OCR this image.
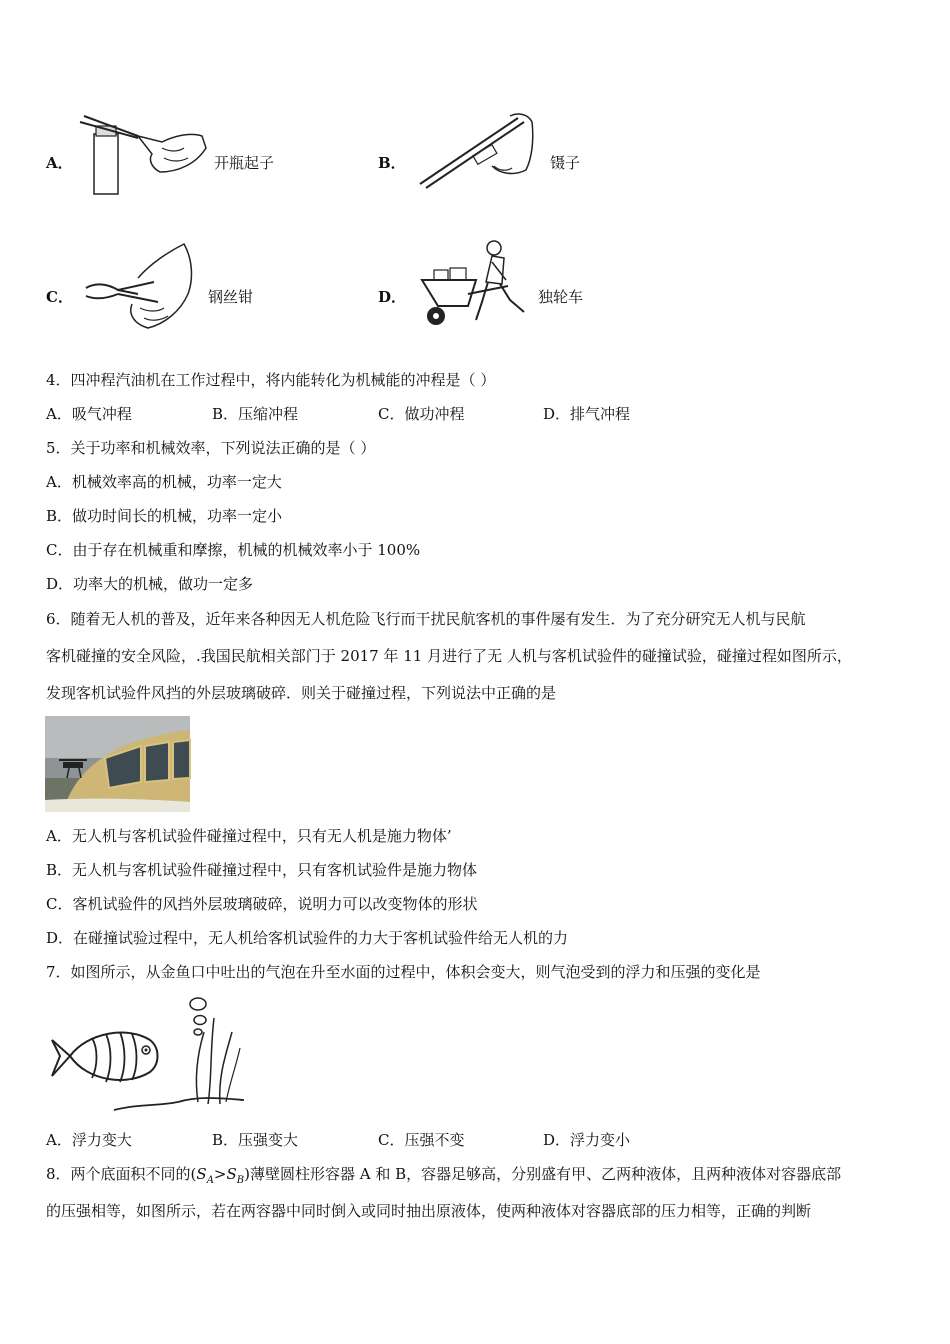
A．	开瓶起子	B．	镊子
C．	钢丝钳	D．	独轮车
4．四冲程汽油机在工作过程中，将内能转化为机械能的冲程是（ ）
A．吸气冲程	B．压缩冲程	C．做功冲程	D．排气冲程
5．关于功率和机械效率，下列说法正确的是（ ）
A．机械效率高的机械，功率一定大
B．做功时间长的机械，功率一定小
C．由于存在机械重和摩擦，机械的机械效率小于 100%
D．功率大的机械，做功一定多
6．随着无人机的普及，近年来各种因无人机危险飞行而干扰民航客机的事件屡有发生．为了充分研究无人机与民航
客机碰撞的安全风险，.我国民航相关部门于 2017 年 11 月进行了无 人机与客机试验件的碰撞试验，碰撞过程如图所示，
发现客机试验件风挡的外层玻璃破碎．则关于碰撞过程，下列说法中正确的是
A．无人机与客机试验件碰撞过程中，只有无人机是施力物体’
B．无人机与客机试验件碰撞过程中，只有客机试验件是施力物体
C．客机试验件的风挡外层玻璃破碎，说明力可以改变物体的形状
D．在碰撞试验过程中，无人机给客机试验件的力大于客机试验件给无人机的力
7．如图所示，从金鱼口中吐出的气泡在升至水面的过程中，体积会变大，则气泡受到的浮力和压强的变化是
A．浮力变大	B．压强变大	C．压强不变	D．浮力变小
8．两个底面积不同的$(S_A>S_B)$薄壁圆柱形容器 A 和 B，容器足够高，分别盛有甲、乙两种液体，且两种液体对容器底部
的压强相等，如图所示，若在两容器中同时倒入或同时抽出原液体，使两种液体对容器底部的压力相等，正确的判断
